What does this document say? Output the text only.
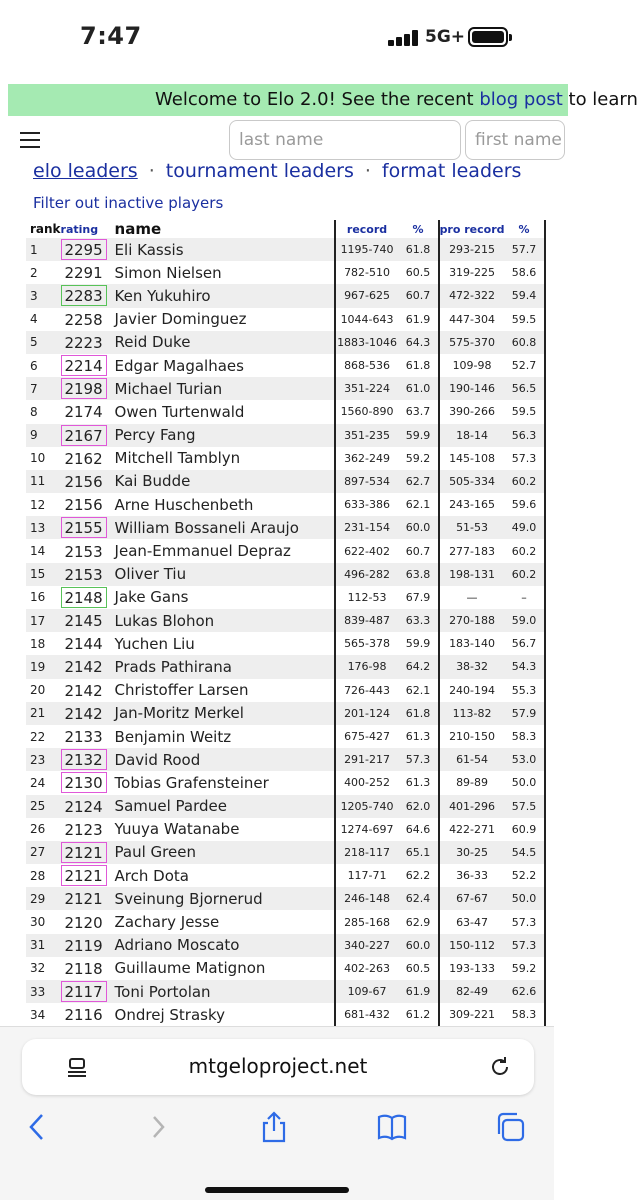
7:47	5G+
Welcome to Elo 2.0! See the recent blog post to learn
last name
first name
elo leaders · tournament leaders · format leaders
Filter out inactive players
rank	rating	name	record	%	pro record	%
1	2295	Eli Kassis	1195-740	61.8	293-215	57.7
2	2291	Simon Nielsen	782-510	60.5	319-225	58.6
3	2283	Ken Yukuhiro	967-625	60.7	472-322	59.4
4	2258	Javier Dominguez	1044-643	61.9	447-304	59.5
5	2223	Reid Duke	1883-1046	64.3	575-370	60.8
6	2214	Edgar Magalhaes	868-536	61.8	109-98	52.7
7	2198	Michael Turian	351-224	61.0	190-146	56.5
8	2174	Owen Turtenwald	1560-890	63.7	390-266	59.5
9	2167	Percy Fang	351-235	59.9	18-14	56.3
10	2162	Mitchell Tamblyn	362-249	59.2	145-108	57.3
11	2156	Kai Budde	897-534	62.7	505-334	60.2
12	2156	Arne Huschenbeth	633-386	62.1	243-165	59.6
13	2155	William Bossaneli Araujo	231-154	60.0	51-53	49.0
14	2153	Jean-Emmanuel Depraz	622-402	60.7	277-183	60.2
15	2153	Oliver Tiu	496-282	63.8	198-131	60.2
16	2148	Jake Gans	112-53	67.9	—	–
17	2145	Lukas Blohon	839-487	63.3	270-188	59.0
18	2144	Yuchen Liu	565-378	59.9	183-140	56.7
19	2142	Prads Pathirana	176-98	64.2	38-32	54.3
20	2142	Christoffer Larsen	726-443	62.1	240-194	55.3
21	2142	Jan-Moritz Merkel	201-124	61.8	113-82	57.9
22	2133	Benjamin Weitz	675-427	61.3	210-150	58.3
23	2132	David Rood	291-217	57.3	61-54	53.0
24	2130	Tobias Grafensteiner	400-252	61.3	89-89	50.0
25	2124	Samuel Pardee	1205-740	62.0	401-296	57.5
26	2123	Yuuya Watanabe	1274-697	64.6	422-271	60.9
27	2121	Paul Green	218-117	65.1	30-25	54.5
28	2121	Arch Dota	117-71	62.2	36-33	52.2
29	2121	Sveinung Bjornerud	246-148	62.4	67-67	50.0
30	2120	Zachary Jesse	285-168	62.9	63-47	57.3
31	2119	Adriano Moscato	340-227	60.0	150-112	57.3
32	2118	Guillaume Matignon	402-263	60.5	193-133	59.2
33	2117	Toni Portolan	109-67	61.9	82-49	62.6
34	2116	Ondrej Strasky	681-432	61.2	309-221	58.3
mtgeloproject.net
